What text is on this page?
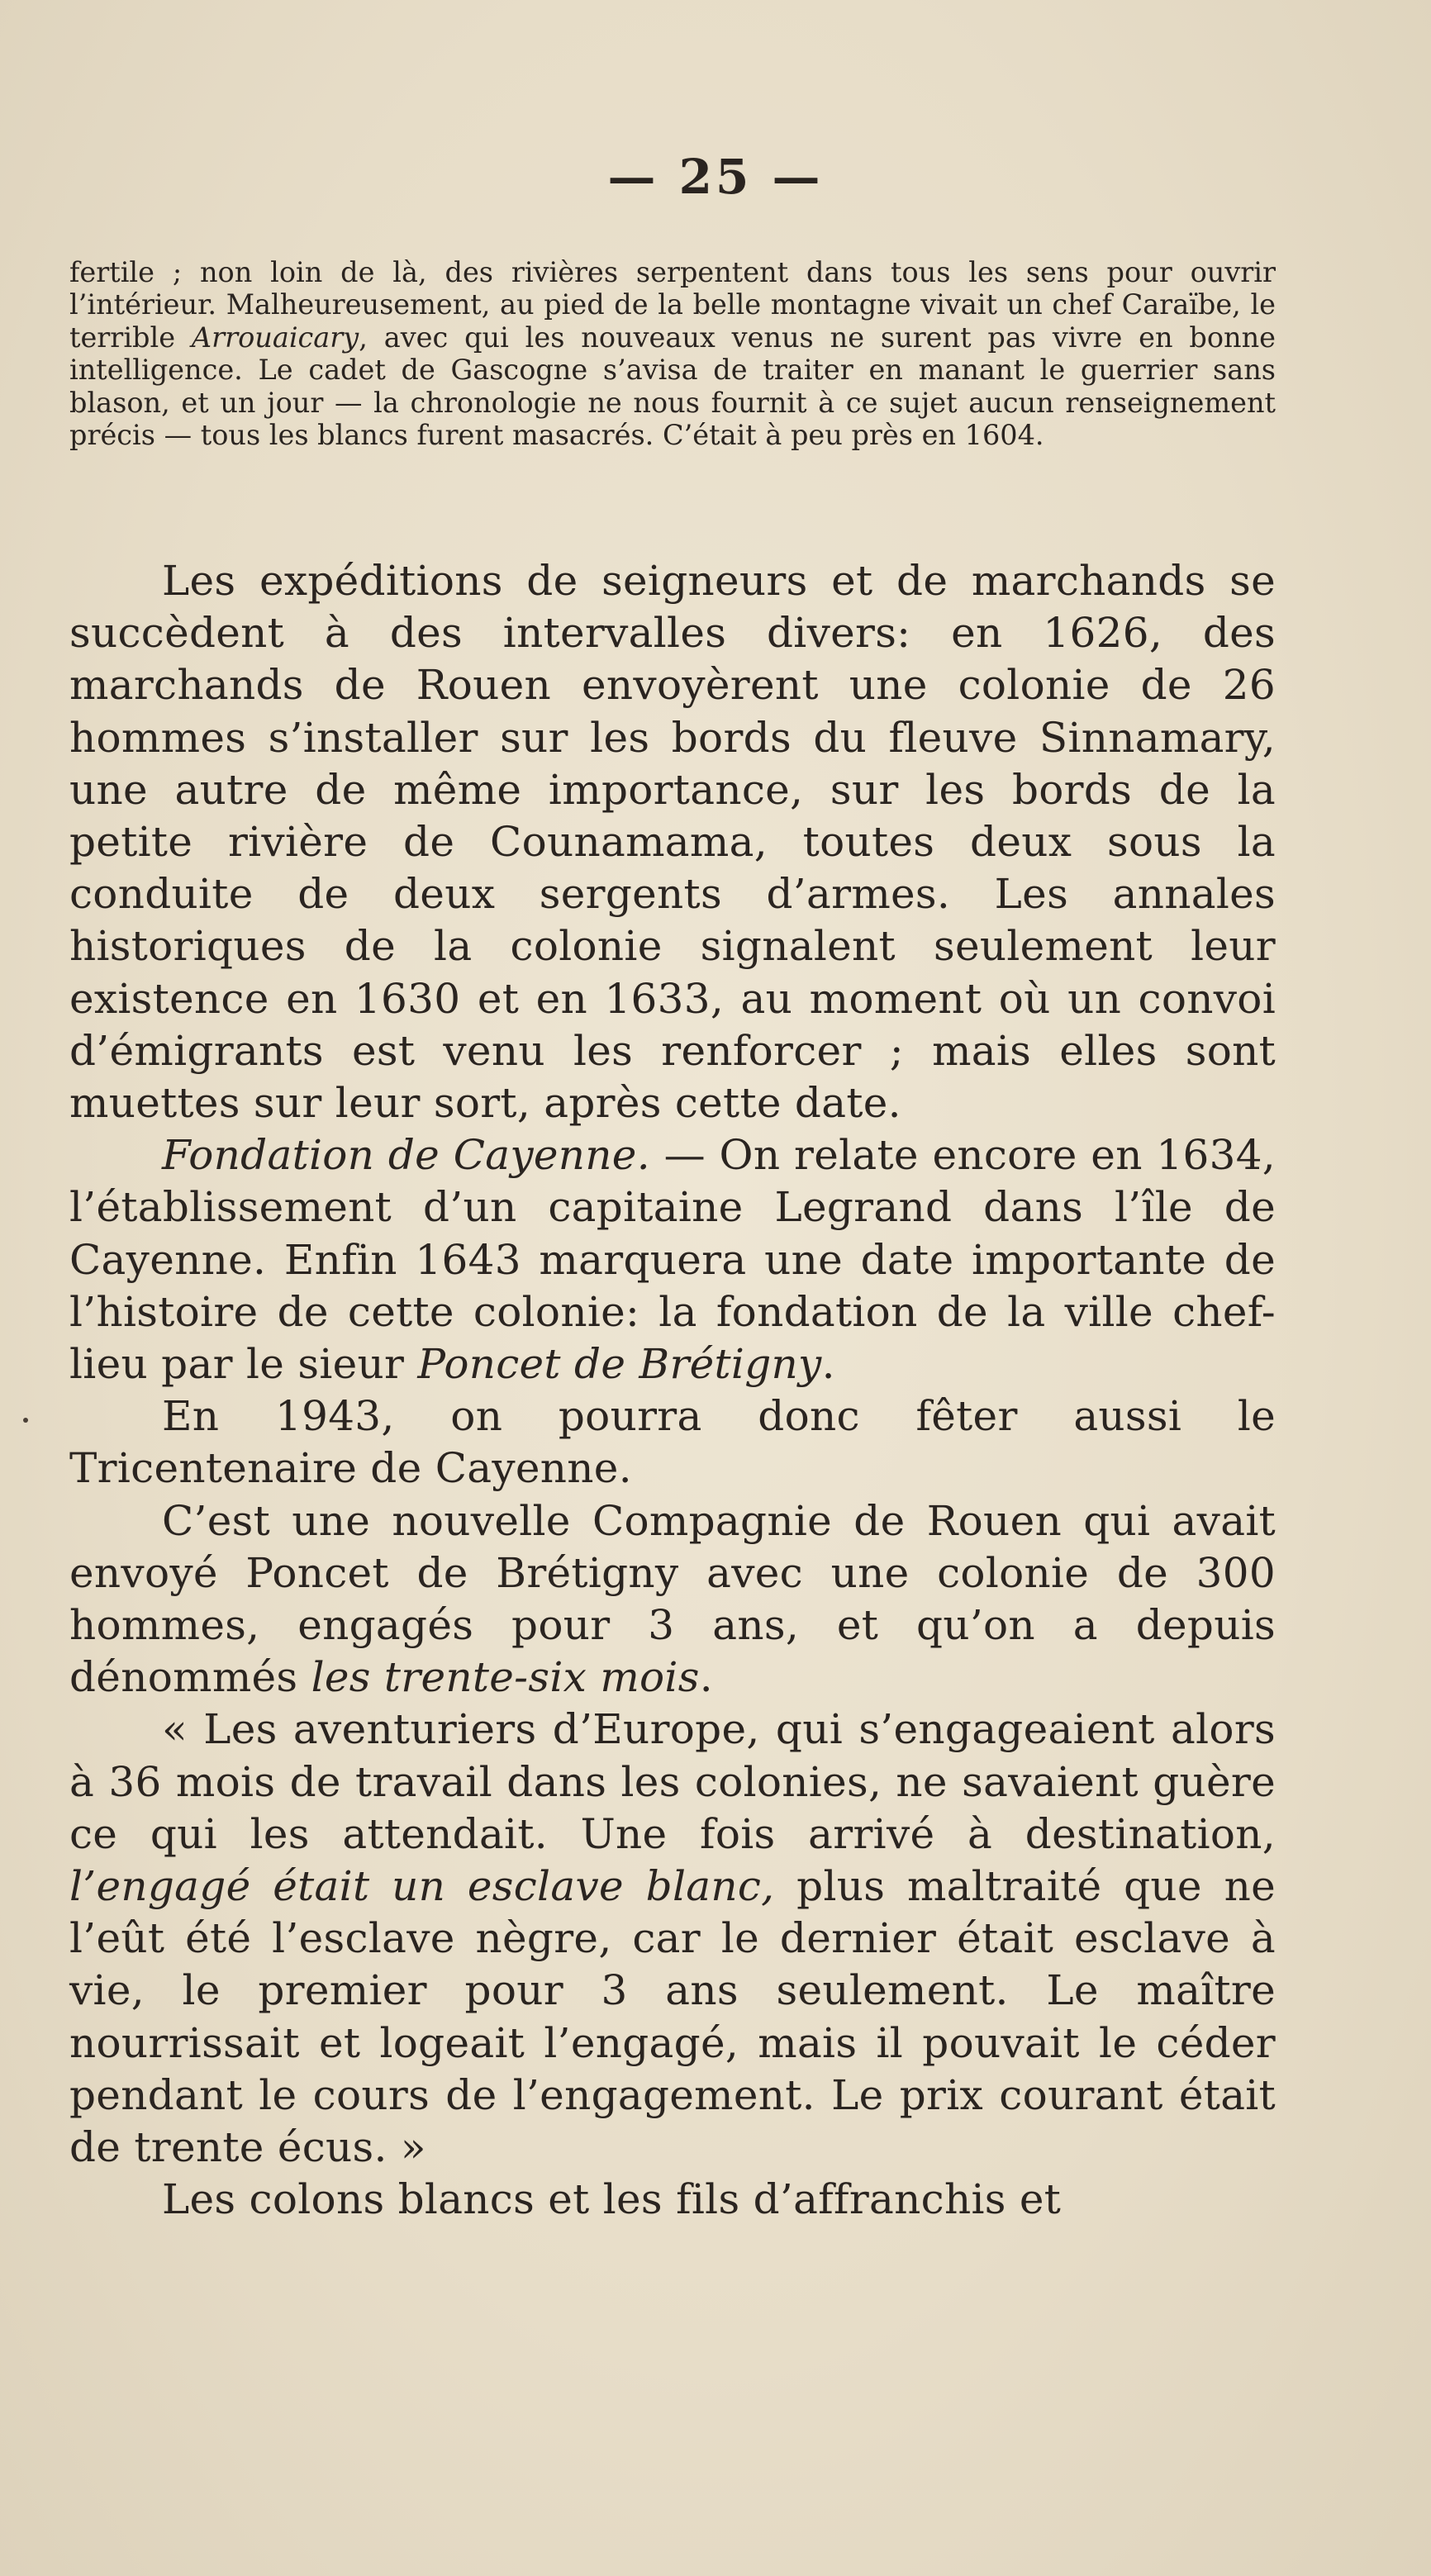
— 25 —

fertile ; non loin de là, des rivières serpentent dans tous les sens pour ouvrir l’intérieur. Malheureusement, au pied de la belle montagne vivait un chef Caraïbe, le terrible Arrouaicary, avec qui les nouveaux venus ne surent pas vivre en bonne intelligence. Le cadet de Gascogne s’avisa de traiter en manant le guerrier sans blason, et un jour — la chronologie ne nous fournit à ce sujet aucun renseignement précis — tous les blancs furent masacrés. C’était à peu près en 1604.

Les expéditions de seigneurs et de marchands se succèdent à des intervalles divers: en 1626, des marchands de Rouen envoyèrent une colonie de 26 hommes s’installer sur les bords du fleuve Sinnamary, une autre de même importance, sur les bords de la petite rivière de Counamama, toutes deux sous la conduite de deux sergents d’armes. Les annales historiques de la colonie signalent seulement leur existence en 1630 et en 1633, au moment où un convoi d’émigrants est venu les renforcer ; mais elles sont muettes sur leur sort, après cette date.

Fondation de Cayenne. — On relate encore en 1634, l’établissement d’un capitaine Legrand dans l’île de Cayenne. Enfin 1643 marquera une date importante de l’histoire de cette colonie: la fondation de la ville chef-lieu par le sieur Poncet de Brétigny.

En 1943, on pourra donc fêter aussi le Tricentenaire de Cayenne.

C’est une nouvelle Compagnie de Rouen qui avait envoyé Poncet de Brétigny avec une colonie de 300 hommes, engagés pour 3 ans, et qu’on a depuis dénommés les trente-six mois.

« Les aventuriers d’Europe, qui s’engageaient alors à 36 mois de travail dans les colonies, ne savaient guère ce qui les attendait. Une fois arrivé à destination, l’engagé était un esclave blanc, plus maltraité que ne l’eût été l’esclave nègre, car le dernier était esclave à vie, le premier pour 3 ans seulement. Le maître nourrissait et logeait l’engagé, mais il pouvait le céder pendant le cours de l’engagement. Le prix courant était de trente écus. »

Les colons blancs et les fils d’affranchis et
